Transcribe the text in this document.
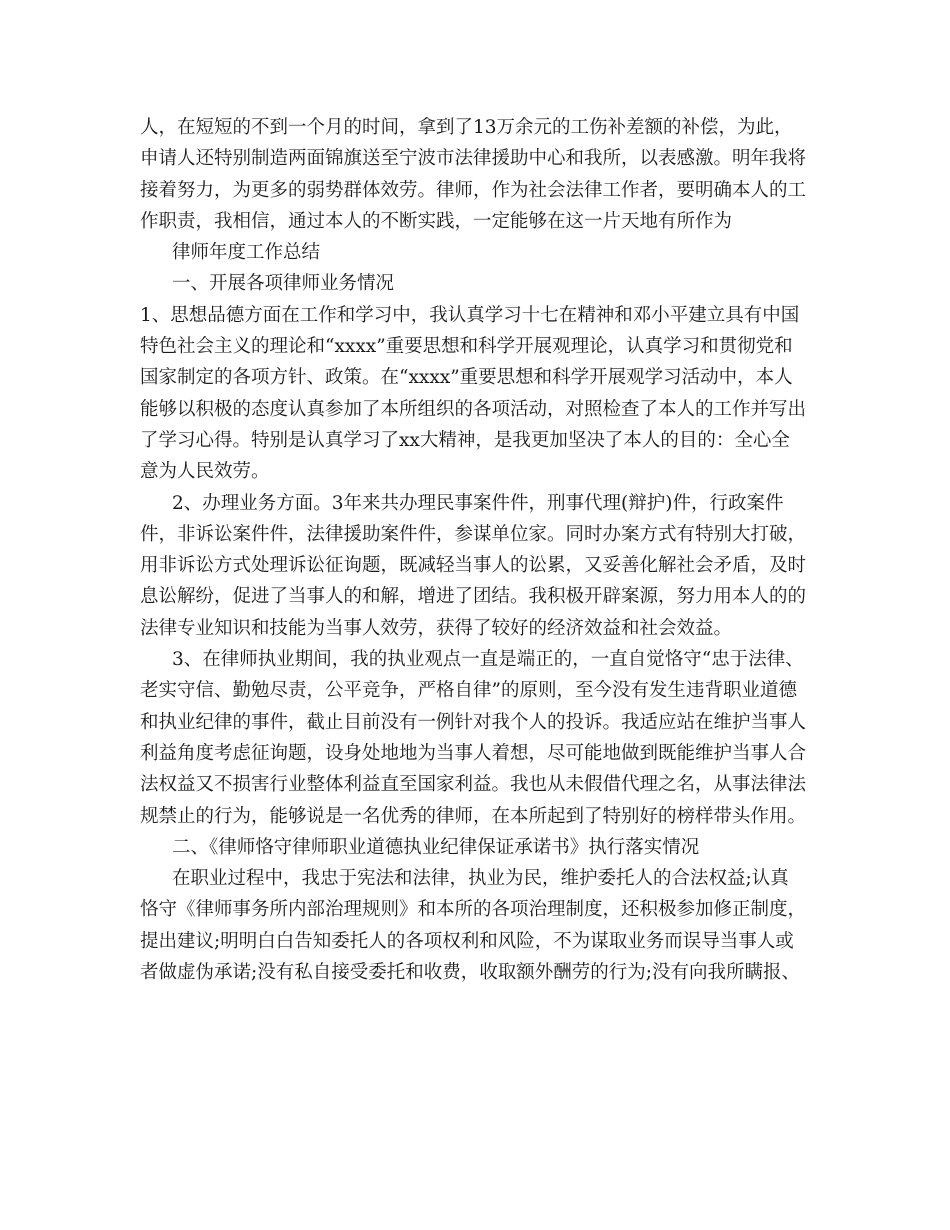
人，在短短的不到一个月的时间，拿到了13万余元的工伤补差额的补偿，为此，
申请人还特别制造两面锦旗送至宁波市法律援助中心和我所，以表感激。明年我将
接着努力，为更多的弱势群体效劳。律师，作为社会法律工作者，要明确本人的工
作职责，我相信，通过本人的不断实践，一定能够在这一片天地有所作为
律师年度工作总结
一、开展各项律师业务情况
1、思想品德方面在工作和学习中，我认真学习十七在精神和邓小平建立具有中国
特色社会主义的理论和“xxxx”重要思想和科学开展观理论，认真学习和贯彻党和
国家制定的各项方针、政策。在“xxxx”重要思想和科学开展观学习活动中，本人
能够以积极的态度认真参加了本所组织的各项活动，对照检查了本人的工作并写出
了学习心得。特别是认真学习了xx大精神，是我更加坚决了本人的目的：全心全
意为人民效劳。
2、办理业务方面。3年来共办理民事案件件，刑事代理(辩护)件，行政案件
件，非诉讼案件件，法律援助案件件，参谋单位家。同时办案方式有特别大打破，
用非诉讼方式处理诉讼征询题，既减轻当事人的讼累，又妥善化解社会矛盾，及时
息讼解纷，促进了当事人的和解，增进了团结。我积极开辟案源，努力用本人的的
法律专业知识和技能为当事人效劳，获得了较好的经济效益和社会效益。
3、在律师执业期间，我的执业观点一直是端正的，一直自觉恪守“忠于法律、
老实守信、勤勉尽责，公平竞争，严格自律”的原则，至今没有发生违背职业道德
和执业纪律的事件，截止目前没有一例针对我个人的投诉。我适应站在维护当事人
利益角度考虑征询题，设身处地地为当事人着想，尽可能地做到既能维护当事人合
法权益又不损害行业整体利益直至国家利益。我也从未假借代理之名，从事法律法
规禁止的行为，能够说是一名优秀的律师，在本所起到了特别好的榜样带头作用。
二、《律师恪守律师职业道德执业纪律保证承诺书》执行落实情况
在职业过程中，我忠于宪法和法律，执业为民，维护委托人的合法权益;认真
恪守《律师事务所内部治理规则》和本所的各项治理制度，还积极参加修正制度，
提出建议;明明白白告知委托人的各项权利和风险，不为谋取业务而误导当事人或
者做虚伪承诺;没有私自接受委托和收费，收取额外酬劳的行为;没有向我所瞒报、
